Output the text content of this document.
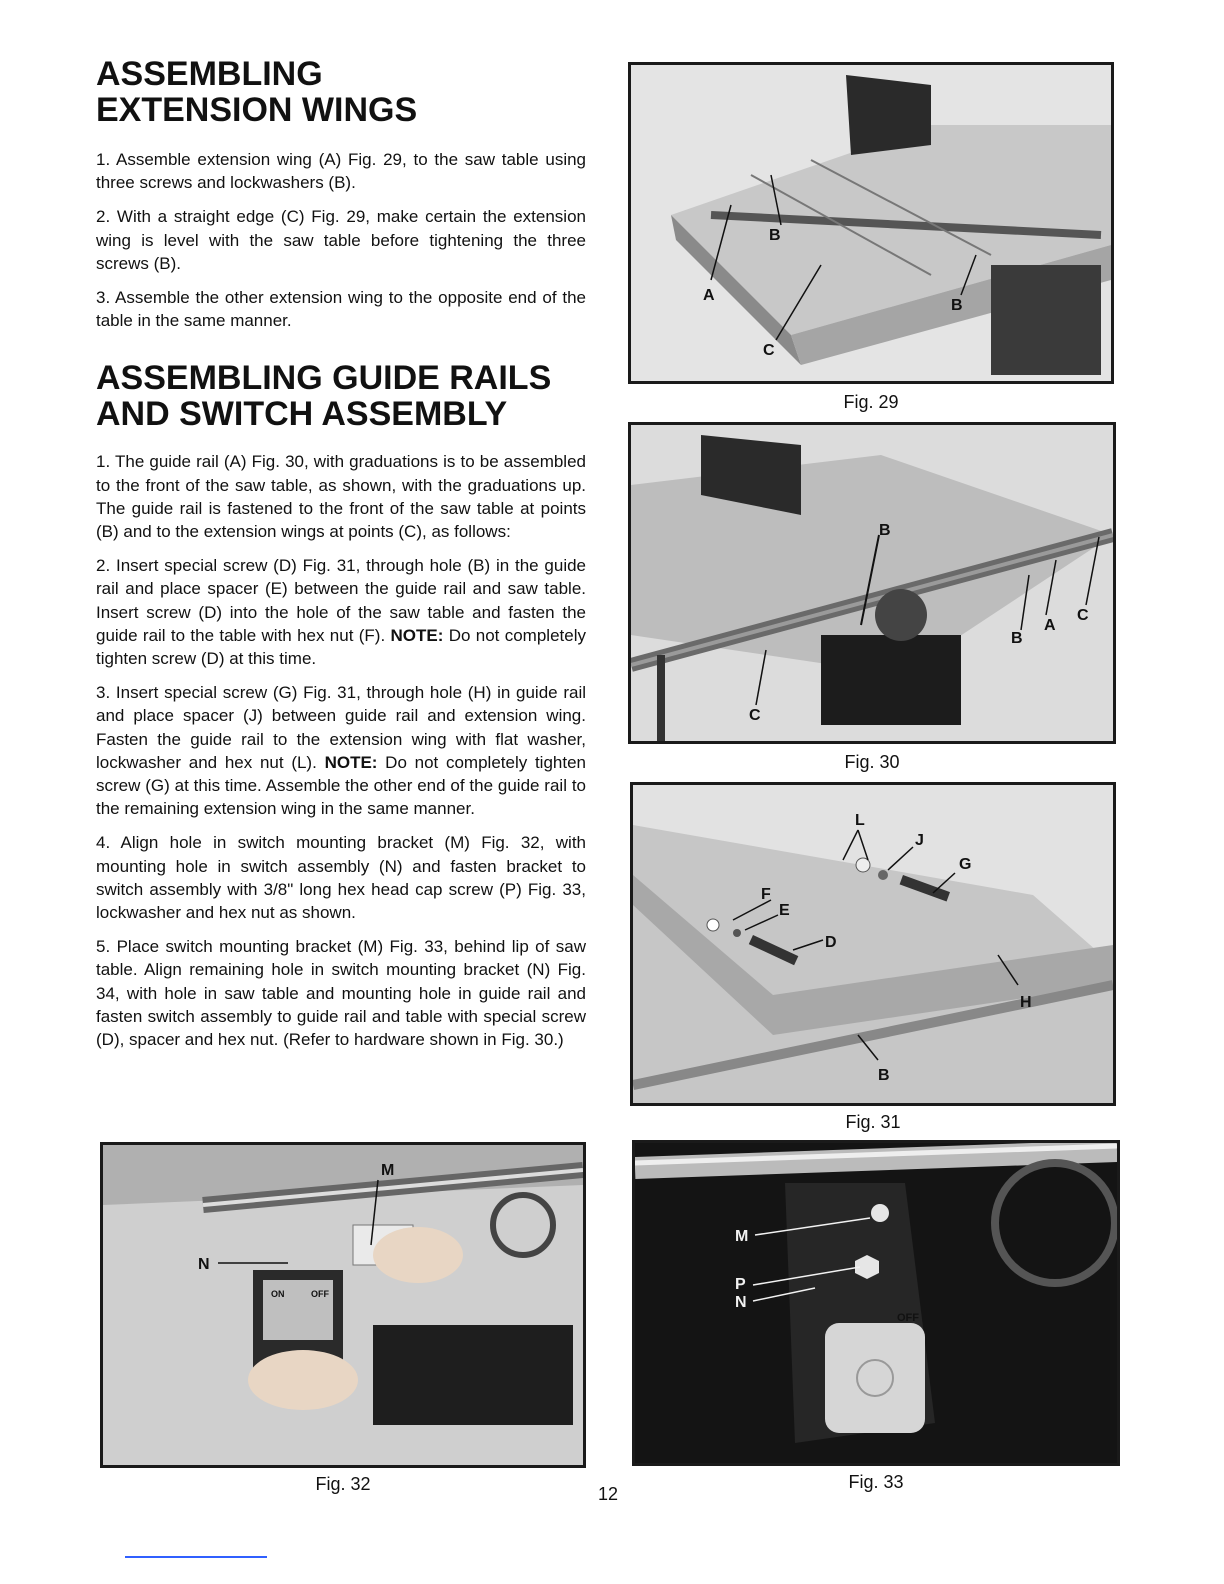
ASSEMBLING
EXTENSION WINGS

1. Assemble extension wing (A) Fig. 29, to the saw table using three screws and lockwashers (B).

2. With a straight edge (C) Fig. 29, make certain the extension wing is level with the saw table before tightening the three screws (B).

3. Assemble the other extension wing to the opposite end of the table in the same manner.

ASSEMBLING GUIDE RAILS
AND SWITCH ASSEMBLY

1. The guide rail (A) Fig. 30, with graduations is to be assembled to the front of the saw table, as shown, with the graduations up. The guide rail is fastened to the front of the saw table at points (B) and to the extension wings at points (C), as follows:

2. Insert special screw (D) Fig. 31, through hole (B) in the guide rail and place spacer (E) between the guide rail and saw table. Insert screw (D) into the hole of the saw table and fasten the guide rail to the table with hex nut (F). NOTE: Do not completely tighten screw (D) at this time.

3. Insert special screw (G) Fig. 31, through hole (H) in guide rail and place spacer (J) between guide rail and extension wing. Fasten the guide rail to the extension wing with flat washer, lockwasher and hex nut (L). NOTE: Do not completely tighten screw (G) at this time. Assemble the other end of the guide rail to the remaining extension wing in the same manner.

4. Align hole in switch mounting bracket (M) Fig. 32, with mounting hole in switch assembly (N) and fasten bracket to switch assembly with 3/8" long hex head cap screw (P) Fig. 33, lockwasher and hex nut as shown.

5. Place switch mounting bracket (M) Fig. 33, behind lip of saw table. Align remaining hole in switch mounting bracket (N) Fig. 34, with hole in saw table and mounting hole in guide rail and fasten switch assembly to guide rail and table with special screw (D), spacer and hex nut. (Refer to hardware shown in Fig. 30.)

A
B
B
C
Fig. 29
B
B
A
C
C
Fig. 30
L
J
G
F
E
D
H
B
Fig. 31
M
N
ON	OFF
Fig. 32
M
P
N
OFF
Fig. 33
12
